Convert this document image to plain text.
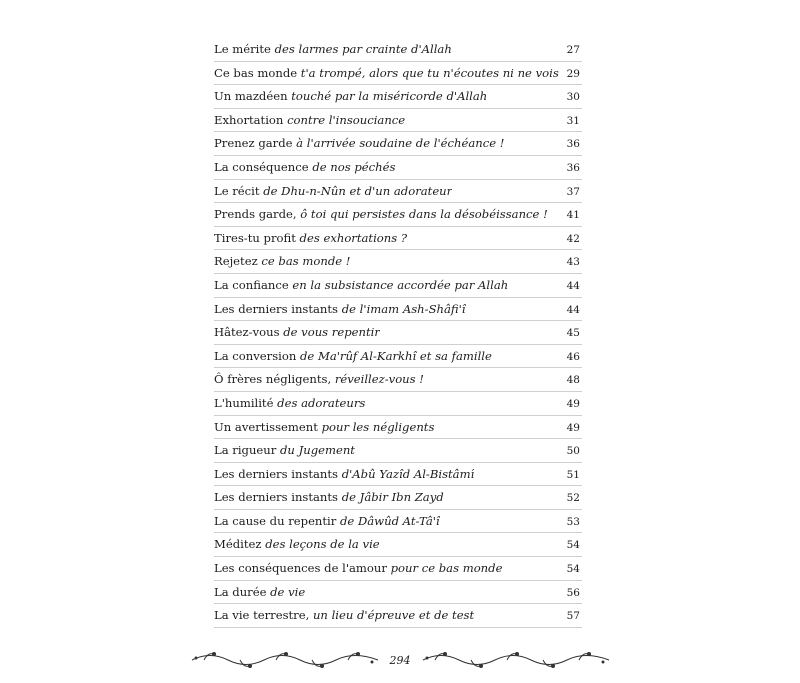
Le mérite des larmes par crainte d'Allah	27
Ce bas monde t'a trompé, alors que tu n'écoutes ni ne vois 29
Un mazdéen touché par la miséricorde d'Allah	30
Exhortation contre l'insouciance	31
Prenez garde à l'arrivée soudaine de l'échéance !	36
La conséquence de nos péchés	36
Le récit de Dhu-n-Nûn et d'un adorateur	37
Prends garde, ô toi qui persistes dans la désobéissance ! 41
Tires-tu profit des exhortations ?	42
Rejetez ce bas monde !	43
La confiance en la subsistance accordée par Allah	44
Les derniers instants de l'imam Ash-Shâfi'î	44
Hâtez-vous de vous repentir	45
La conversion de Ma'rûf Al-Karkhî et sa famille	46
Ô frères négligents, réveillez-vous !	48
L'humilité des adorateurs	49
Un avertissement pour les négligents	49
La rigueur du Jugement	50
Les derniers instants d'Abû Yazîd Al-Bistâmî	51
Les derniers instants de Jâbir Ibn Zayd	52
La cause du repentir de Dâwûd At-Tâ'î	53
Méditez des leçons de la vie	54
Les conséquences de l'amour pour ce bas monde	54
La durée de vie	56
La vie terrestre, un lieu d'épreuve et de test	57
294
